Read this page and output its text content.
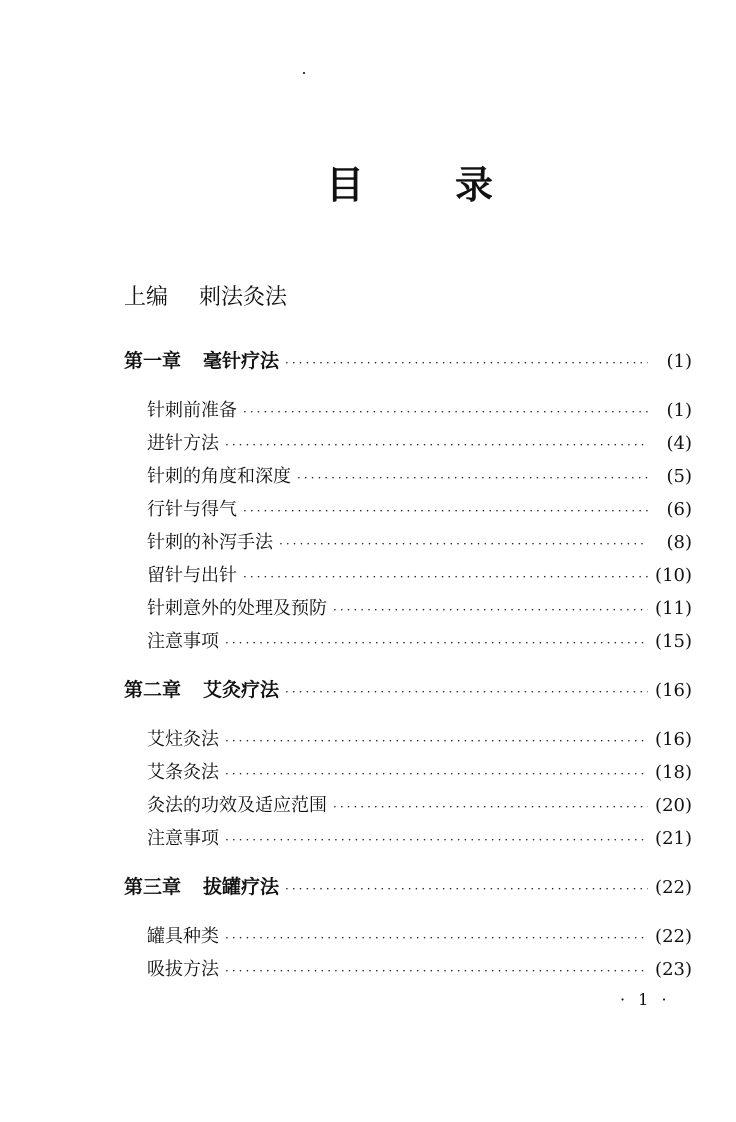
目 录
上编 刺法灸法
第一章 毫针疗法 ·····	(1)
针刺前准备 ·····	(1)
进针方法 ·····	(4)
针刺的角度和深度 ·····	(5)
行针与得气 ·····	(6)
针刺的补泻手法 ·····	(8)
留针与出针 ·····	(10)
针刺意外的处理及预防 ·····	(11)
注意事项 ·····	(15)
第二章 艾灸疗法 ·····	(16)
艾炷灸法 ·····	(16)
艾条灸法 ·····	(18)
灸法的功效及适应范围 ·····	(20)
注意事项 ·····	(21)
第三章 拔罐疗法 ·····	(22)
罐具种类 ·····	(22)
吸拔方法 ·····	(23)
· 1 ·
